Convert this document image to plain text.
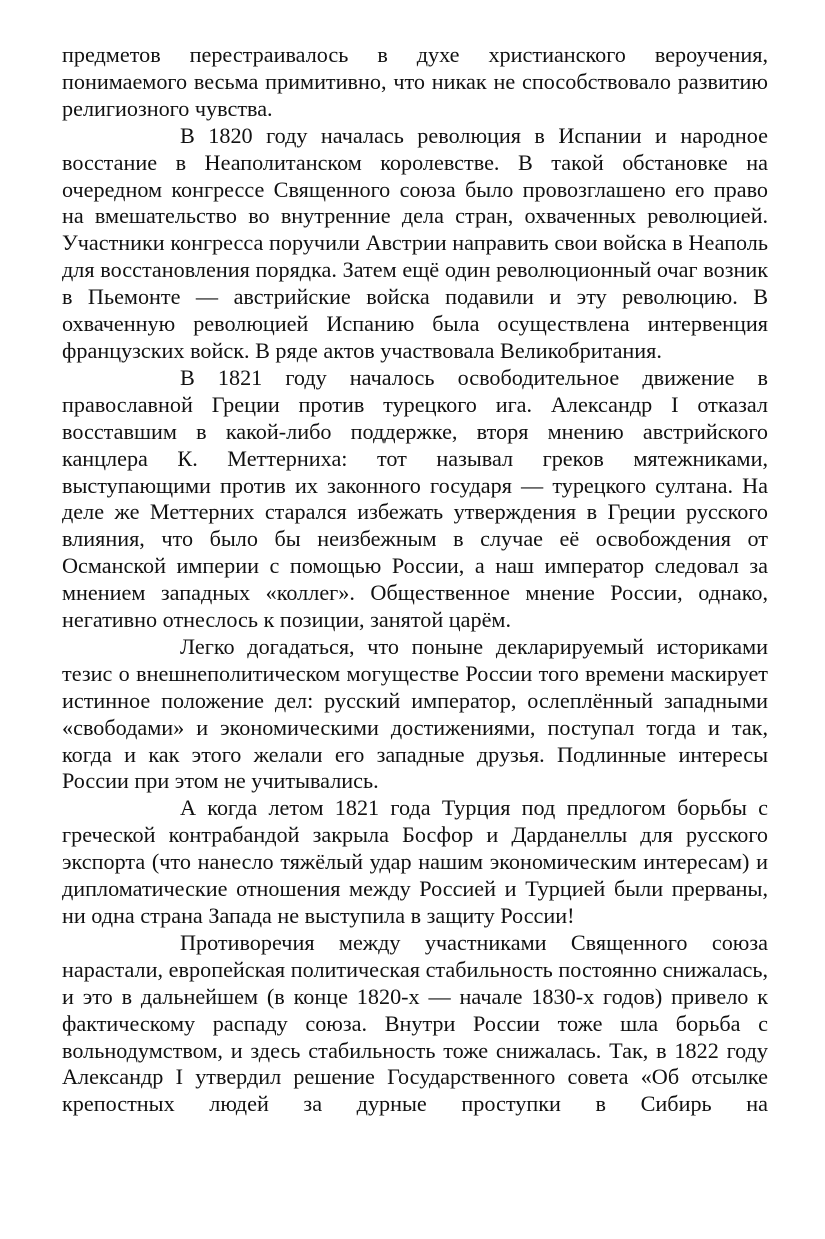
предметов перестраивалось в духе христианского вероучения, понимаемого весьма примитивно, что никак не способствовало развитию религиозного чувства.

В 1820 году началась революция в Испании и народное восстание в Неаполитанском королевстве. В такой обстановке на очередном конгрессе Священного союза было провозглашено его право на вмешательство во внутренние дела стран, охваченных революцией. Участники конгресса поручили Австрии направить свои войска в Неаполь для восстановления порядка. Затем ещё один революционный очаг возник в Пьемонте — австрийские войска подавили и эту революцию. В охваченную революцией Испанию была осуществлена интервенция французских войск. В ряде актов участвовала Великобритания.

В 1821 году началось освободительное движение в православной Греции против турецкого ига. Александр I отказал восставшим в какой-либо поддержке, вторя мнению австрийского канцлера К. Меттерниха: тот называл греков мятежниками, выступающими против их законного государя — турецкого султана. На деле же Меттерних старался избежать утверждения в Греции русского влияния, что было бы неизбежным в случае её освобождения от Османской империи с помощью России, а наш император следовал за мнением западных «коллег». Общественное мнение России, однако, негативно отнеслось к позиции, занятой царём.

Легко догадаться, что поныне декларируемый историками тезис о внешнеполитическом могуществе России того времени маскирует истинное положение дел: русский император, ослеплённый западными «свободами» и экономическими достижениями, поступал тогда и так, когда и как этого желали его западные друзья. Подлинные интересы России при этом не учитывались.

А когда летом 1821 года Турция под предлогом борьбы с греческой контрабандой закрыла Босфор и Дарданеллы для русского экспорта (что нанесло тяжёлый удар нашим экономическим интересам) и дипломатические отношения между Россией и Турцией были прерваны, ни одна страна Запада не выступила в защиту России!

Противоречия между участниками Священного союза нарастали, европейская политическая стабильность постоянно снижалась, и это в дальнейшем (в конце 1820-х — начале 1830-х годов) привело к фактическому распаду союза. Внутри России тоже шла борьба с вольнодумством, и здесь стабильность тоже снижалась. Так, в 1822 году Александр I утвердил решение Государственного совета «Об отсылке крепостных людей за дурные проступки в Сибирь на
